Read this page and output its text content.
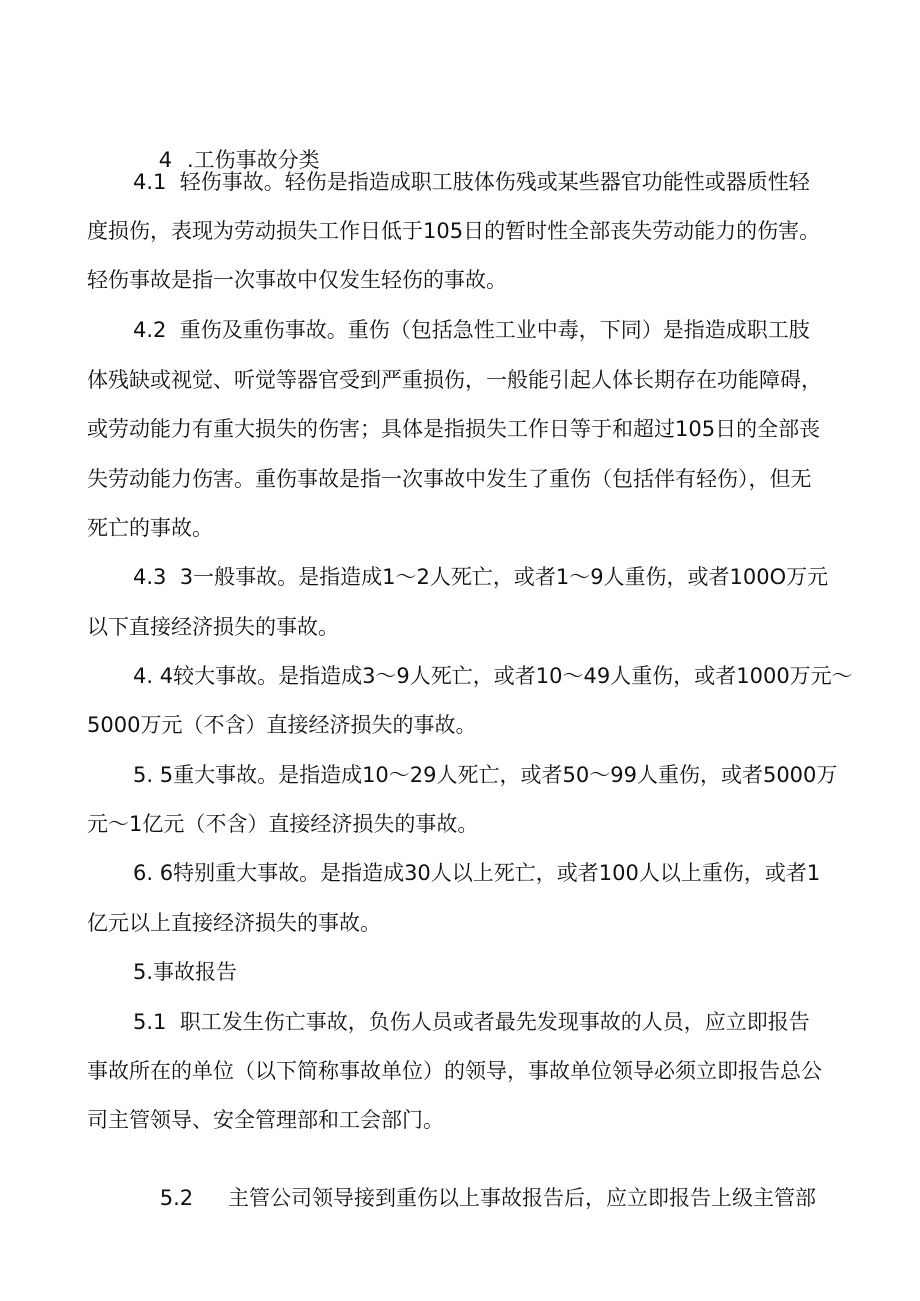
4 .工伤事故分类

4.1  轻伤事故。轻伤是指造成职工肢体伤残或某些器官功能性或器质性轻
度损伤，表现为劳动损失工作日低于105日的暂时性全部丧失劳动能力的伤害。
轻伤事故是指一次事故中仅发生轻伤的事故。
4.2  重伤及重伤事故。重伤（包括急性工业中毒，下同）是指造成职工肢
体残缺或视觉、听觉等器官受到严重损伤，一般能引起人体长期存在功能障碍，
或劳动能力有重大损失的伤害；具体是指损失工作日等于和超过105日的全部丧
失劳动能力伤害。重伤事故是指一次事故中发生了重伤（包括伴有轻伤），但无
死亡的事故。
4.3  3一般事故。是指造成1〜2人死亡，或者1〜9人重伤，或者100O万元
以下直接经济损失的事故。
4. 4较大事故。是指造成3〜9人死亡，或者10〜49人重伤，或者1000万元～
5000万元（不含）直接经济损失的事故。
5. 5重大事故。是指造成10〜29人死亡，或者50〜99人重伤，或者5000万
元～1亿元（不含）直接经济损失的事故。
6. 6特别重大事故。是指造成30人以上死亡，或者100人以上重伤，或者1
亿元以上直接经济损失的事故。
5.事故报告
5.1  职工发生伤亡事故，负伤人员或者最先发现事故的人员，应立即报告
事故所在的单位（以下简称事故单位）的领导，事故单位领导必须立即报告总公
司主管领导、安全管理部和工会部门。

5.2 主管公司领导接到重伤以上事故报告后，应立即报告上级主管部
